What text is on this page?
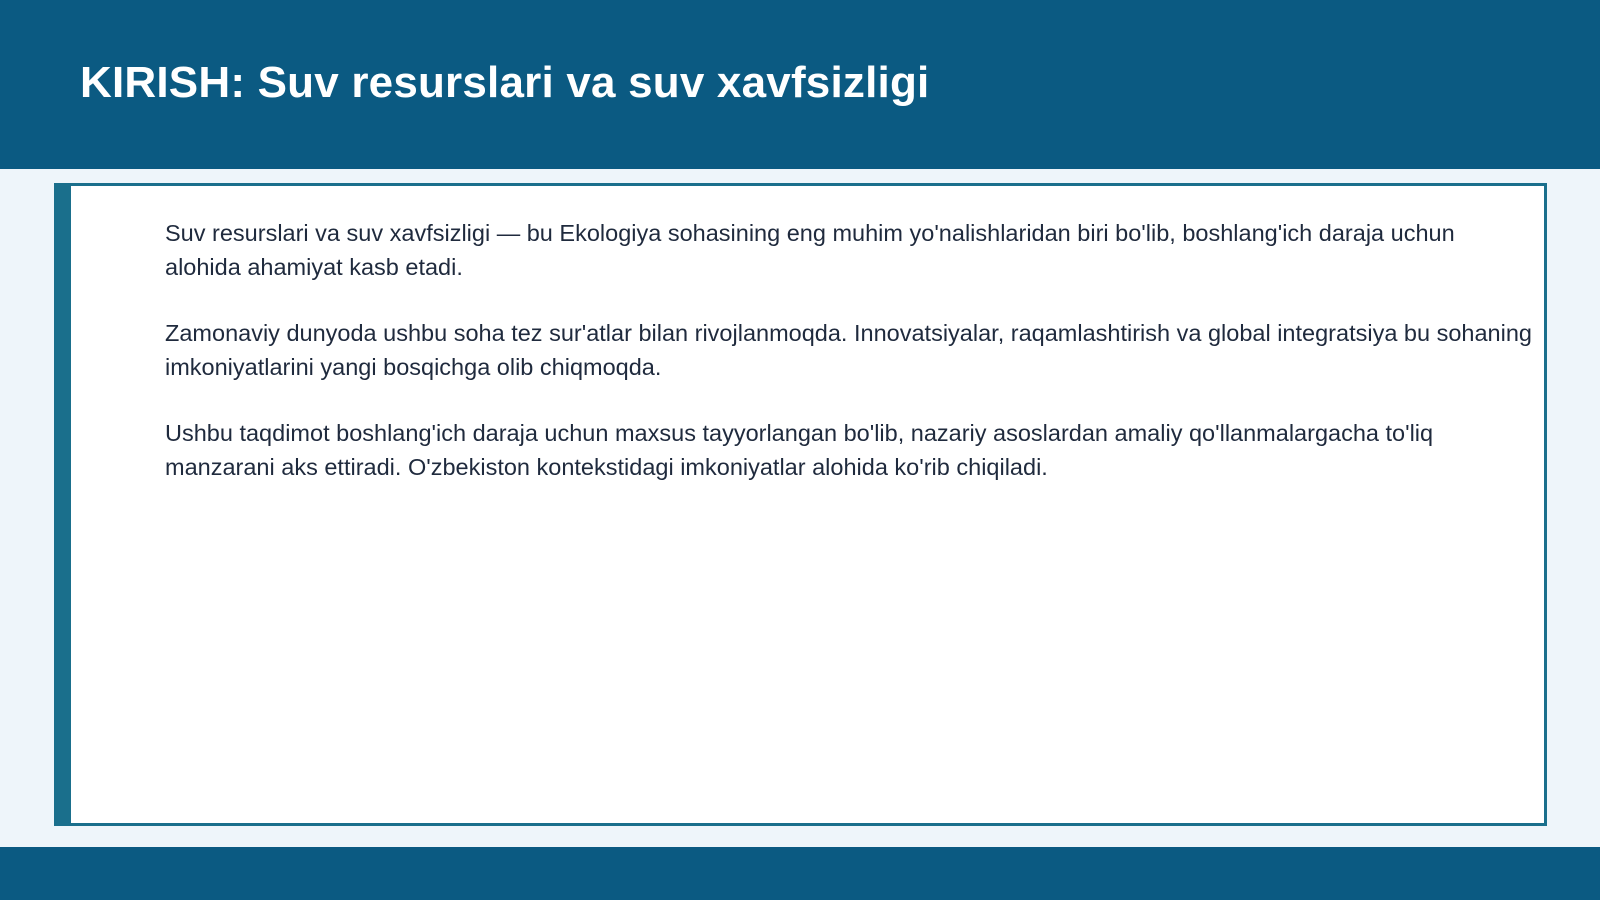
KIRISH: Suv resurslari va suv xavfsizligi

Suv resurslari va suv xavfsizligi — bu Ekologiya sohasining eng muhim yo'nalishlaridan biri bo'lib, boshlang'ich daraja uchun alohida ahamiyat kasb etadi.

Zamonaviy dunyoda ushbu soha tez sur'atlar bilan rivojlanmoqda. Innovatsiyalar, raqamlashtirish va global integratsiya bu sohaning imkoniyatlarini yangi bosqichga olib chiqmoqda.

Ushbu taqdimot boshlang'ich daraja uchun maxsus tayyorlangan bo'lib, nazariy asoslardan amaliy qo'llanmalargacha to'liq manzarani aks ettiradi. O'zbekiston kontekstidagi imkoniyatlar alohida ko'rib chiqiladi.
